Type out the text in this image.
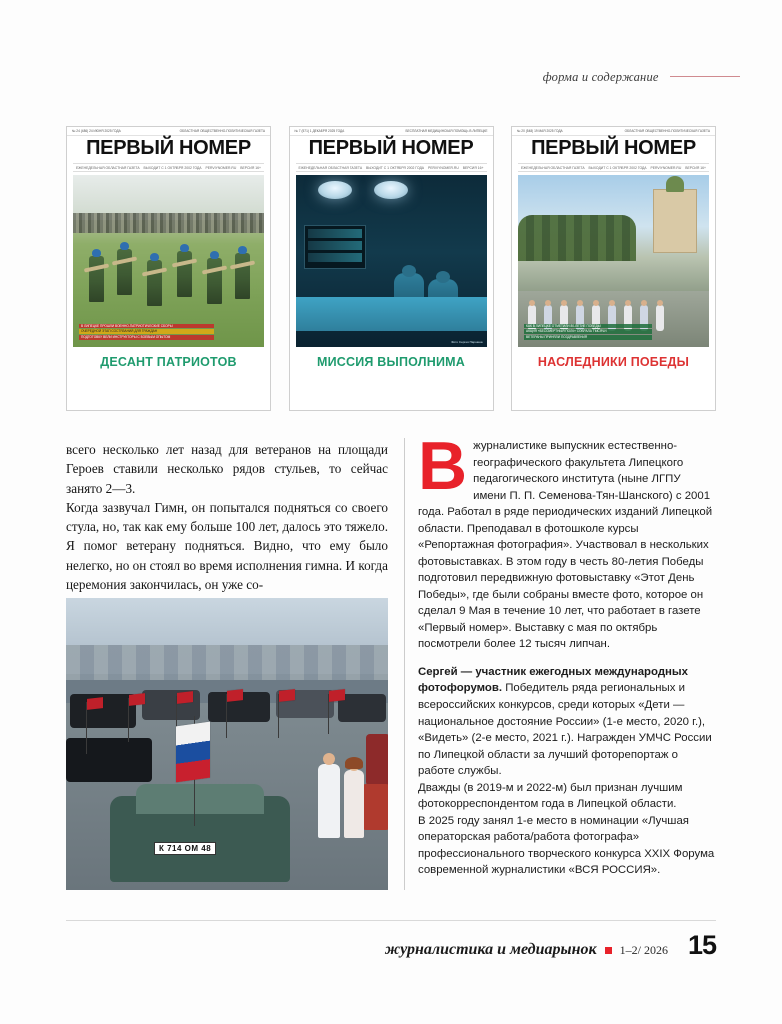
форма и содержание
№ 24 (486) 24 ИЮНЯ 2025 ГОДА	ОБЛАСТНАЯ ОБЩЕСТВЕННО-ПОЛИТИЧЕСКАЯ ГАЗЕТА
ПЕРВЫЙ НОМЕР
ЕЖЕНЕДЕЛЬНАЯ ОБЛАСТНАЯ ГАЗЕТА ВЫХОДИТ С 1 ОКТЯБРЯ 2002 ГОДА PERVIYNOMER.RU ВЕРСИЯ 16+
В ЛИПЕЦКЕ ПРОШЛИ ВОЕННО-ПАТРИОТИЧЕСКИЕ СБОРЫ
ОЧЕРЕДНОЙ ЭТАП СОСТЯЗАНИЙ ДЛЯ ГРАЖДАН
ПОДГОТОВКУ ВЕЛИ ИНСТРУКТОРЫ С БОЕВЫМ ОПЫТОМ
ДЕСАНТ ПАТРИОТОВ

№ 7 (571) 1 ДЕКАБРЯ 2025 ГОДА	БЕСПЛАТНАЯ МЕДИЦИНСКАЯ ПОМОЩЬ В ЛИПЕЦКЕ
ПЕРВЫЙ НОМЕР
ЕЖЕНЕДЕЛЬНАЯ ОБЛАСТНАЯ ГАЗЕТА ВЫХОДИТ С 1 ОКТЯБРЯ 2002 ГОДА PERVIYNOMER.RU ВЕРСИЯ 16+
Фото Сергея Паршина
МИССИЯ ВЫПОЛНИМА

№ 20 (548) 19 МАЯ 2025 ГОДА	ОБЛАСТНАЯ ОБЩЕСТВЕННО-ПОЛИТИЧЕСКАЯ ГАЗЕТА
ПЕРВЫЙ НОМЕР
ЕЖЕНЕДЕЛЬНАЯ ОБЛАСТНАЯ ГАЗЕТА ВЫХОДИТ С 1 ОКТЯБРЯ 2002 ГОДА PERVIYNOMER.RU ВЕРСИЯ 16+
КАК В ЛИПЕЦКЕ ОТМЕТИЛИ 80-ЛЕТИЕ ПОБЕДЫ
АКЦИЯ «БЕССМЕРТНЫЙ ПОЛК» СОБРАЛА ТЫСЯЧИ
ВЕТЕРАНЫ ПРИНЯЛИ ПОЗДРАВЛЕНИЯ
НАСЛЕДНИКИ ПОБЕДЫ

всего несколько лет назад для ветеранов на площади Героев ставили несколько рядов стульев, то сейчас занято 2—3.

Когда зазвучал Гимн, он попытался подняться со своего стула, но, так как ему больше 100 лет, далось это тяжело. Я помог ветерану подняться. Видно, что ему было нелегко, но он стоял во время исполнения гимна. И когда церемония закончилась, он уже со-

В журналистике выпускник естественно-географического факультета Липецкого педагогического института (ныне ЛГПУ имени П. П. Семенова-Тян-Шанского) с 2001 года. Работал в ряде периодических изданий Липецкой области. Преподавал в фотошколе курсы «Репортажная фотография». Участвовал в нескольких фотовыставках. В этом году в честь 80-летия Победы подготовил передвижную фотовыставку «Этот День Победы», где были собраны вместе фото, которое он сделал 9 Мая в течение 10 лет, что работает в газете «Первый номер». Выставку с мая по октябрь посмотрели более 12 тысяч липчан.

Сергей — участник ежегодных международных фотофорумов. Победитель ряда региональных и всероссийских конкурсов, среди которых «Дети — национальное достояние России» (1-е место, 2020 г.), «Видеть» (2-е место, 2021 г.). Награжден УМЧС России по Липецкой области за лучший фоторепортаж о работе службы.

Дважды (в 2019-м и 2022-м) был признан лучшим фотокорреспондентом года в Липецкой области.

В 2025 году занял 1-е место в номинации «Лучшая операторская работа/работа фотографа» профессионального творческого конкурса XXIX Форума современной журналистики «ВСЯ РОССИЯ».

К 714 ОМ 48
журналистика и медиарынок 1–2/ 2026 15
